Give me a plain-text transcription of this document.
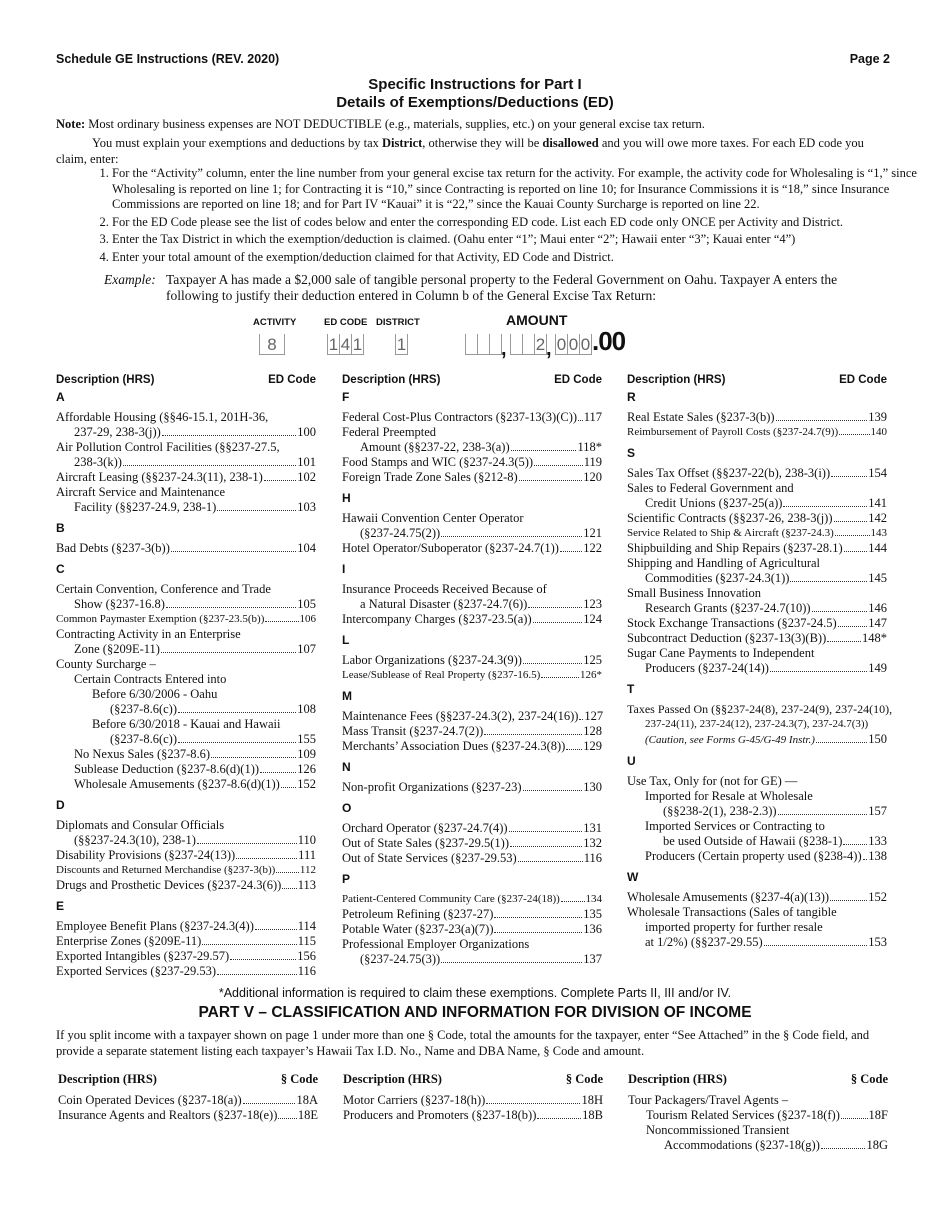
Schedule GE Instructions (REV. 2020)	Page 2
Specific Instructions for Part I
Details of Exemptions/Deductions (ED)
Note: Most ordinary business expenses are NOT DEDUCTIBLE (e.g., materials, supplies, etc.) on your general excise tax return.
You must explain your exemptions and deductions by tax District, otherwise they will be disallowed and you will owe more taxes. For each ED code you claim, enter:
1. For the “Activity” column, enter the line number from your general excise tax return for the activity. For example, the activity code for Wholesaling is “1,” since Wholesaling is reported on line 1; for Contracting it is “10,” since Contracting is reported on line 10; for Insurance Commissions it is “18,” since Insurance Commissions are reported on line 18; and for Part IV “Kauai” it is “22,” since the Kauai County Surcharge is reported on line 22.
2. For the ED Code please see the list of codes below and enter the corresponding ED code. List each ED code only ONCE per Activity and District.
3. Enter the Tax District in which the exemption/deduction is claimed. (Oahu enter “1”; Maui enter “2”; Hawaii enter “3”; Kauai enter “4”)
4. Enter your total amount of the exemption/deduction claimed for that Activity, ED Code and District.
Example: Taxpayer A has made a $2,000 sale of tangible personal property to the Federal Government on Oahu. Taxpayer A enters the following to justify their deduction entered in Column b of the General Excise Tax Return:
ACTIVITY	ED CODE DISTRICT	AMOUNT
8	1 4 1 1	, 2 , 0 0 0 .00
Description (HRS)	ED Code
A
Affordable Housing (§§46-15.1, 201H-36,
237-29, 238-3(j))	100
Air Pollution Control Facilities (§§237-27.5,
238-3(k))	101
Aircraft Leasing (§§237-24.3(11), 238-1)	102
Aircraft Service and Maintenance
Facility (§§237-24.9, 238-1)	103
B
Bad Debts (§237-3(b))	104
C
Certain Convention, Conference and Trade
Show (§237-16.8)	105
Common Paymaster Exemption (§237-23.5(b))	106
Contracting Activity in an Enterprise
Zone (§209E-11)	107
County Surcharge –
Certain Contracts Entered into
Before 6/30/2006 - Oahu
(§237-8.6(c))	108
Before 6/30/2018 - Kauai and Hawaii
(§237-8.6(c))	155
No Nexus Sales (§237-8.6)	109
Sublease Deduction (§237-8.6(d)(1))	126
Wholesale Amusements (§237-8.6(d)(1)) 152
D
Diplomats and Consular Officials
(§§237-24.3(10), 238-1)	110
Disability Provisions (§237-24(13))	111
Discounts and Returned Merchandise (§237-3(b)) 112
Drugs and Prosthetic Devices (§237-24.3(6)) 113
E
Employee Benefit Plans (§237-24.3(4))	114
Enterprise Zones (§209E-11)	115
Exported Intangibles (§237-29.57)	156
Exported Services (§237-29.53)	116
Description (HRS)	ED Code
F
Federal Cost-Plus Contractors (§237-13(3)(C)) 117
Federal Preempted
Amount (§§237-22, 238-3(a))	118*
Food Stamps and WIC (§237-24.3(5))	119
Foreign Trade Zone Sales (§212-8)	120
H
Hawaii Convention Center Operator
(§237-24.75(2))	121
Hotel Operator/Suboperator (§237-24.7(1)) 122
I
Insurance Proceeds Received Because of
a Natural Disaster (§237-24.7(6))	123
Intercompany Charges (§237-23.5(a))	124
L
Labor Organizations (§237-24.3(9))	125
Lease/Sublease of Real Property (§237-16.5)	126*
M
Maintenance Fees (§§237-24.3(2), 237-24(16)) 127
Mass Transit (§237-24.7(2))	128
Merchants’ Association Dues (§237-24.3(8)) 129
N
Non-profit Organizations (§237-23)	130
O
Orchard Operator (§237-24.7(4))	131
Out of State Sales (§237-29.5(1))	132
Out of State Services (§237-29.53)	116
P
Patient-Centered Community Care (§237-24(18)) 134
Petroleum Refining (§237-27)	135
Potable Water (§237-23(a)(7))	136
Professional Employer Organizations
(§237-24.75(3))	137
Description (HRS)	ED Code
R
Real Estate Sales (§237-3(b))	139
Reimbursement of Payroll Costs (§237-24.7(9))	140
S
Sales Tax Offset (§§237-22(b), 238-3(i))	154
Sales to Federal Government and
Credit Unions (§237-25(a))	141
Scientific Contracts (§§237-26, 238-3(j))	142
Service Related to Ship & Aircraft (§237-24.3)	143
Shipbuilding and Ship Repairs (§237-28.1) 144
Shipping and Handling of Agricultural
Commodities (§237-24.3(1))	145
Small Business Innovation
Research Grants (§237-24.7(10))	146
Stock Exchange Transactions (§237-24.5)	147
Subcontract Deduction (§237-13(3)(B))	148*
Sugar Cane Payments to Independent
Producers (§237-24(14))	149
T
Taxes Passed On (§§237-24(8), 237-24(9), 237-24(10),
237-24(11), 237-24(12), 237-24.3(7), 237-24.7(3))
(Caution, see Forms G-45/G-49 Instr.)	150
U
Use Tax, Only for (not for GE) —
Imported for Resale at Wholesale
(§§238-2(1), 238-2.3))	157
Imported Services or Contracting to
be used Outside of Hawaii (§238-1) 133
Producers (Certain property used (§238-4)) 138
W
Wholesale Amusements (§237-4(a)(13))	152
Wholesale Transactions (Sales of tangible
imported property for further resale
at 1/2%) (§§237-29.55)	153
*Additional information is required to claim these exemptions. Complete Parts II, III and/or IV.
PART V – CLASSIFICATION AND INFORMATION FOR DIVISION OF INCOME
If you split income with a taxpayer shown on page 1 under more than one § Code, total the amounts for the taxpayer, enter “See Attached” in the § Code field, and provide a separate statement listing each taxpayer’s Hawaii Tax I.D. No., Name and DBA Name, § Code and amount.
Description (HRS)	§ Code
Coin Operated Devices (§237-18(a))	18A
Insurance Agents and Realtors (§237-18(e)) 18E
Description (HRS)	§ Code
Motor Carriers (§237-18(h))	18H
Producers and Promoters (§237-18(b))	18B
Description (HRS)	§ Code
Tour Packagers/Travel Agents –
Tourism Related Services (§237-18(f)) 18F
Noncommissioned Transient
Accommodations (§237-18(g))	18G
